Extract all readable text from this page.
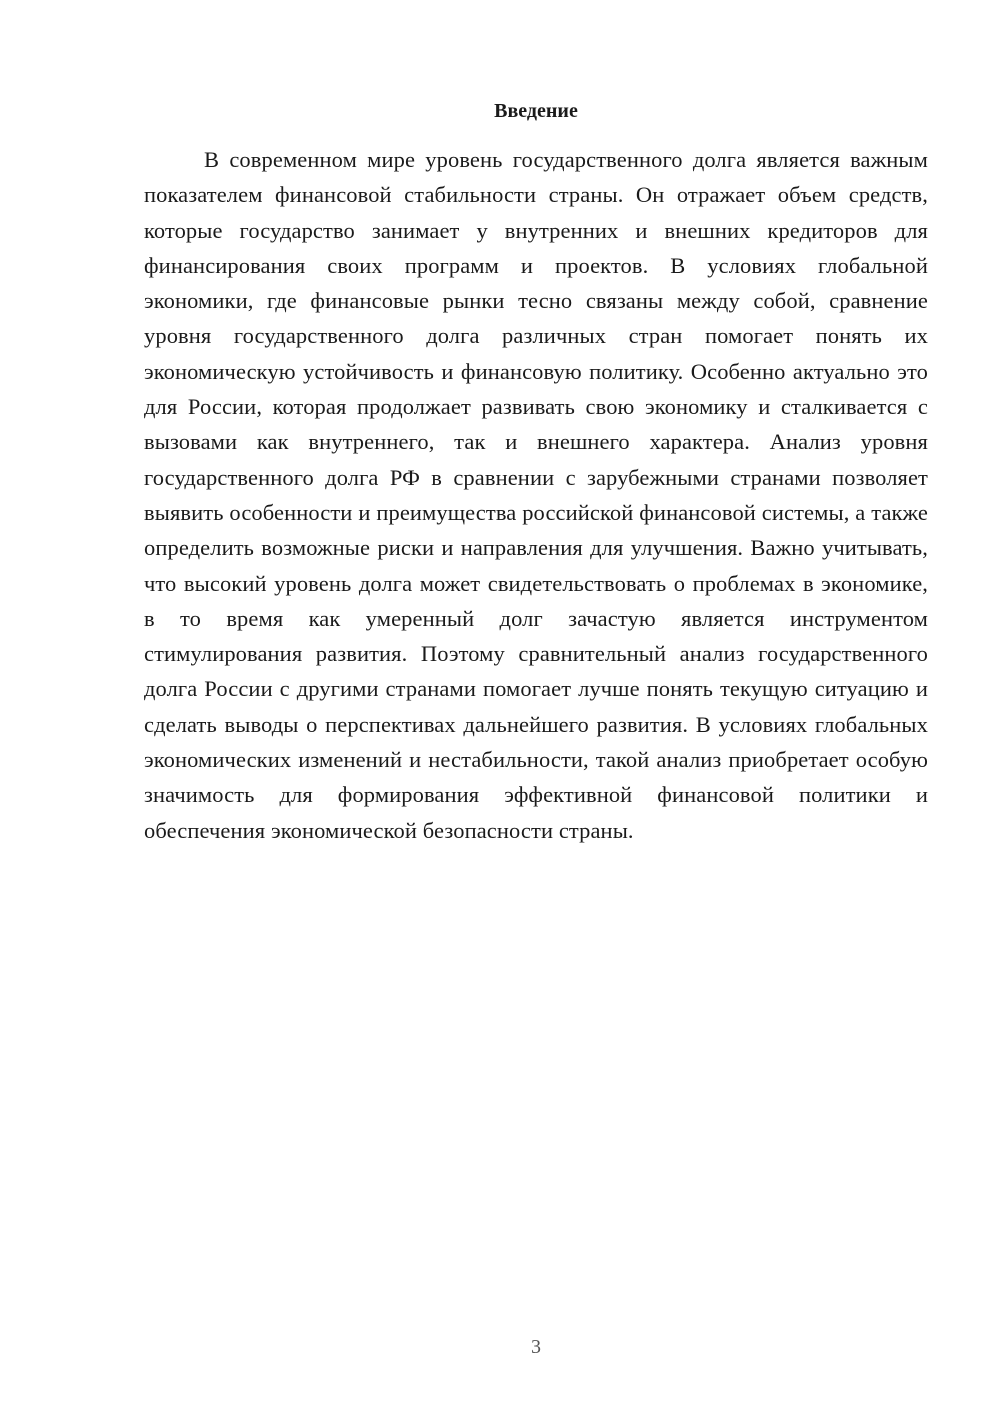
Введение

В современном мире уровень государственного долга является важным показателем финансовой стабильности страны. Он отражает объем средств, которые государство занимает у внутренних и внешних кредиторов для финансирования своих программ и проектов. В условиях глобальной экономики, где финансовые рынки тесно связаны между собой, сравнение уровня государственного долга различных стран помогает понять их экономическую устойчивость и финансовую политику. Особенно актуально это для России, которая продолжает развивать свою экономику и сталкивается с вызовами как внутреннего, так и внешнего характера. Анализ уровня государственного долга РФ в сравнении с зарубежными странами позволяет выявить особенности и преимущества российской финансовой системы, а также определить возможные риски и направления для улучшения. Важно учитывать, что высокий уровень долга может свидетельствовать о проблемах в экономике, в то время как умеренный долг зачастую является инструментом стимулирования развития. Поэтому сравнительный анализ государственного долга России с другими странами помогает лучше понять текущую ситуацию и сделать выводы о перспективах дальнейшего развития. В условиях глобальных экономических изменений и нестабильности, такой анализ приобретает особую значимость для формирования эффективной финансовой политики и обеспечения экономической безопасности страны.

3
